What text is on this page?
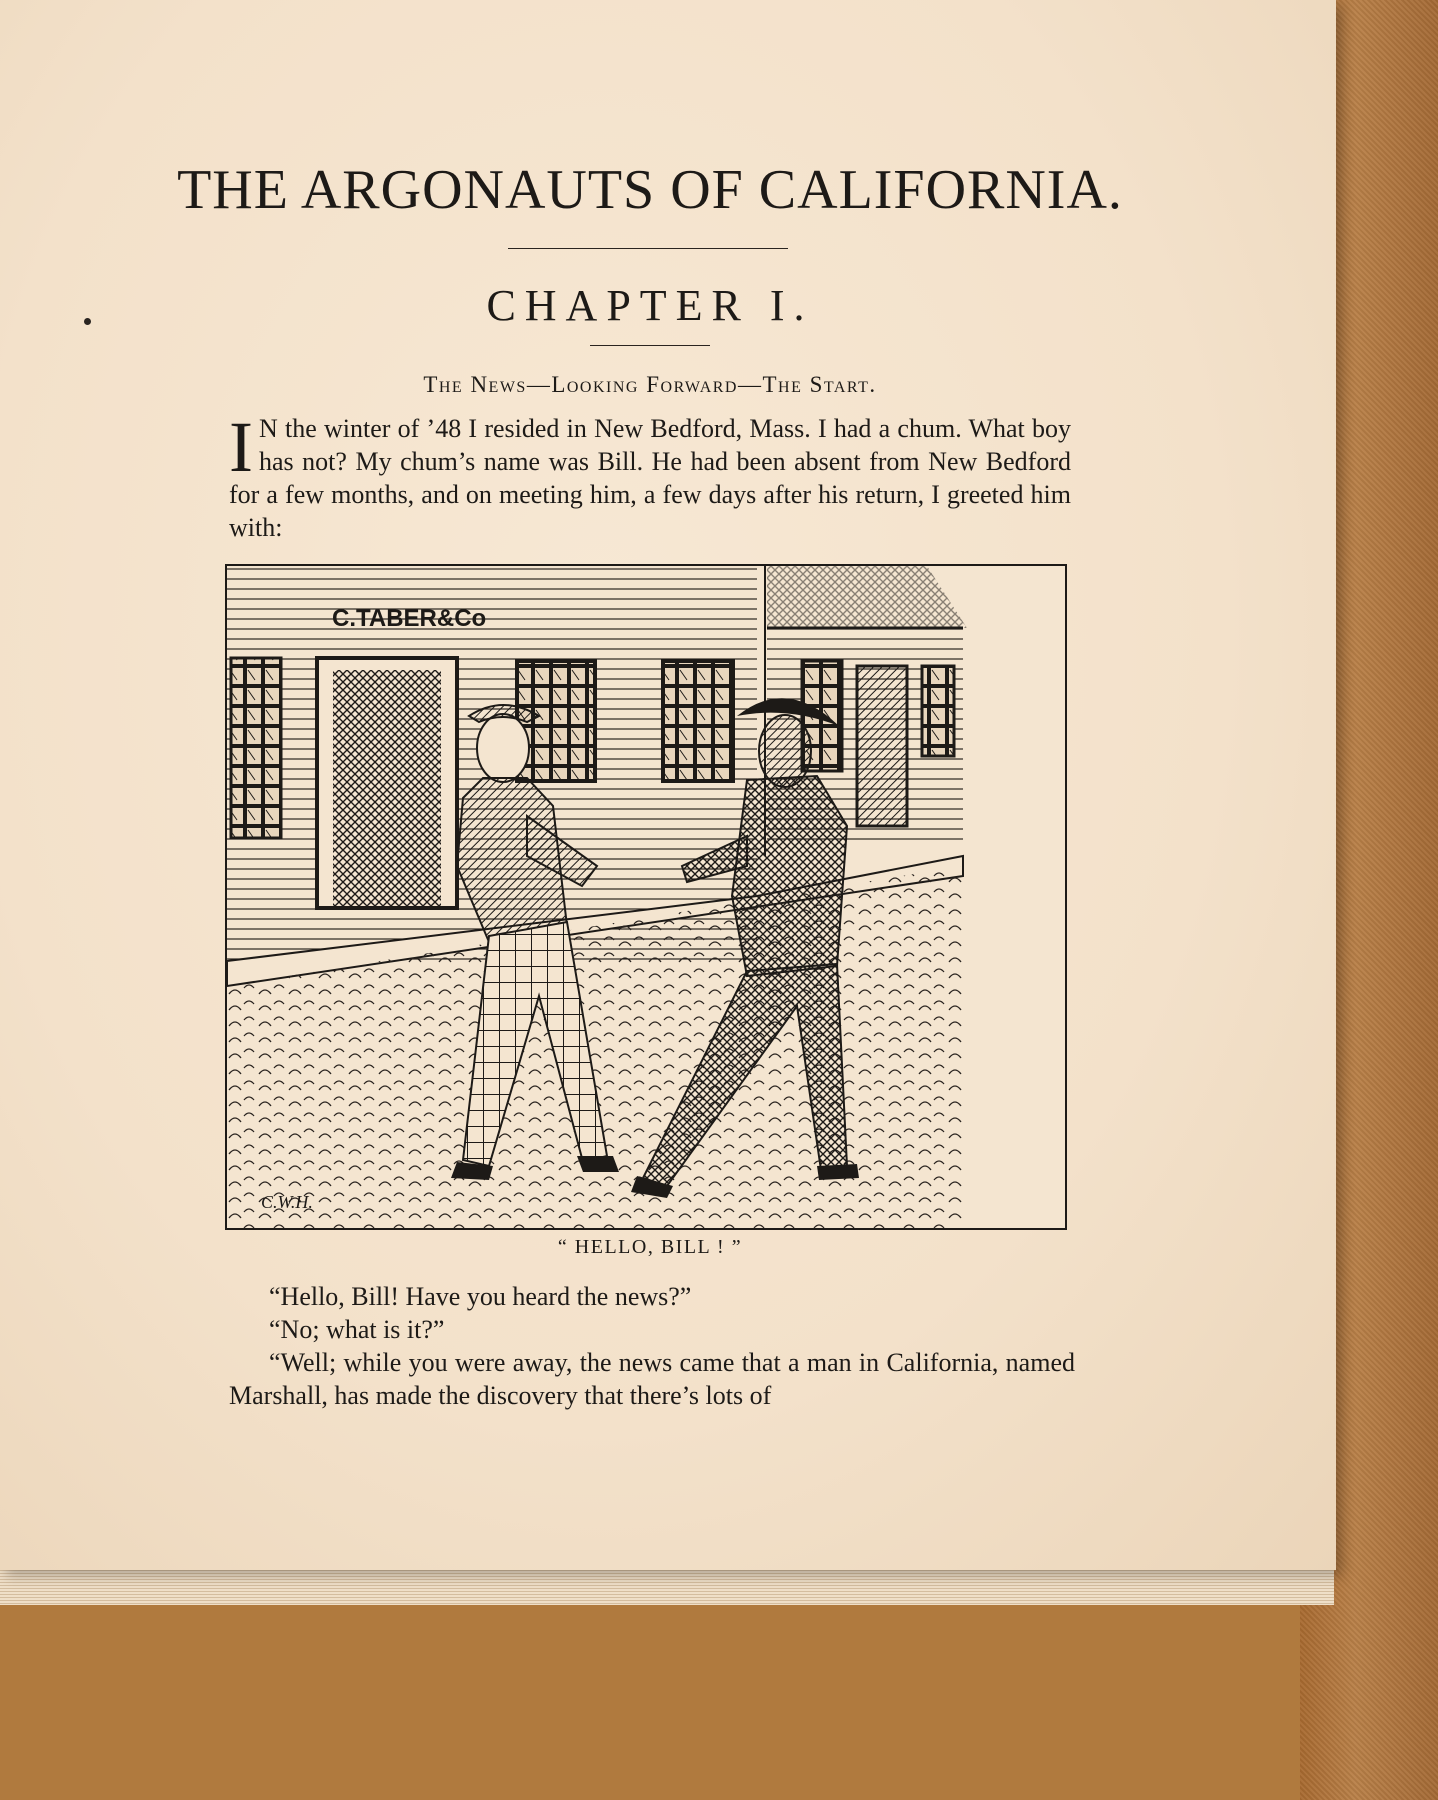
THE ARGONAUTS OF CALIFORNIA.
CHAPTER I.
The News—Looking Forward—The Start.

I N the winter of ’48 I resided in New Bedford, Mass. I had a chum. What boy has not? My chum’s name was Bill. He had been absent from New Bedford for a few months, and on meeting him, a few days after his return, I greeted him with:

C.TABER&Co
C.W.H.
“ HELLO, BILL ! ”

“Hello, Bill! Have you heard the news?”

“No; what is it?”

“Well; while you were away, the news came that a man in California, named Marshall, has made the discovery that there’s lots of
